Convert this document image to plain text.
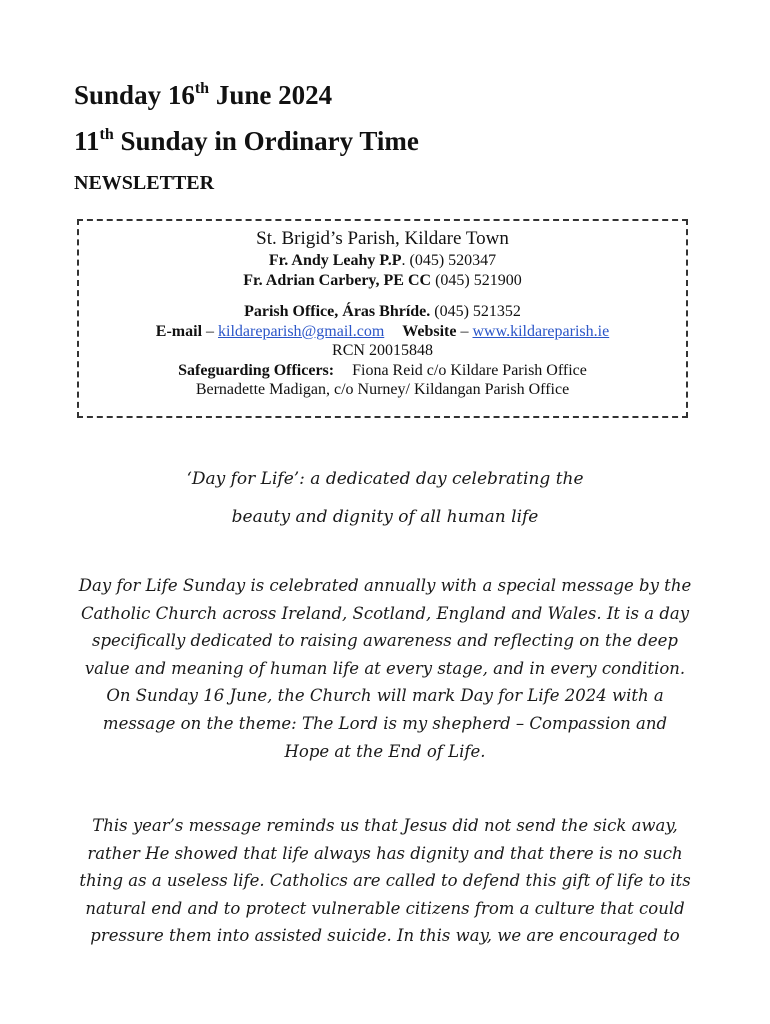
Sunday 16th June 2024
11th Sunday in Ordinary Time
NEWSLETTER
St. Brigid’s Parish, Kildare Town
Fr. Andy Leahy P.P. (045) 520347
Fr. Adrian Carbery, PE CC (045) 521900
Parish Office, Áras Bhríde. (045) 521352
E-mail – kildareparish@gmail.com Website – www.kildareparish.ie
RCN 20015848
Safeguarding Officers: Fiona Reid c/o Kildare Parish Office
Bernadette Madigan, c/o Nurney/ Kildangan Parish Office
‘Day for Life’: a dedicated day celebrating the
beauty and dignity of all human life
Day for Life Sunday is celebrated annually with a special message by the
Catholic Church across Ireland, Scotland, England and Wales. It is a day
specifically dedicated to raising awareness and reflecting on the deep
value and meaning of human life at every stage, and in every condition.
On Sunday 16 June, the Church will mark Day for Life 2024 with a
message on the theme: The Lord is my shepherd – Compassion and
Hope at the End of Life.
This year’s message reminds us that Jesus did not send the sick away,
rather He showed that life always has dignity and that there is no such
thing as a useless life. Catholics are called to defend this gift of life to its
natural end and to protect vulnerable citizens from a culture that could
pressure them into assisted suicide. In this way, we are encouraged to
